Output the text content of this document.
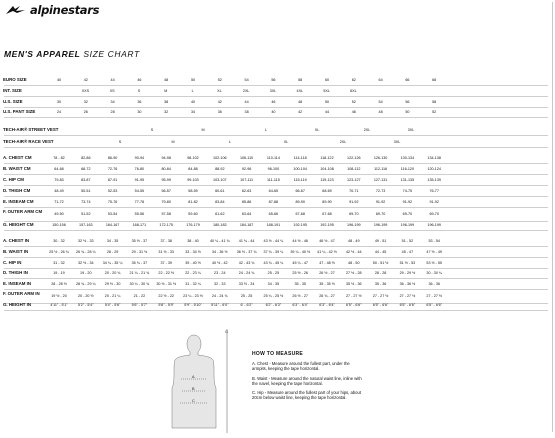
alpinestars
MEN'S APPAREL SIZE CHART
EURO SIZE	40	42	44	46	48	50	52	54	56	58	60	62	64	66	68
INT. SIZE	XXS	XS	S	M	L	XL	2XL	3XL	4XL	5XL	6XL
U.S. SIZE	30	32	34	36	38	40	42	44	46	48	50	52	54	56	58
U.S. PANT SIZE	24	26	28	30	32	34	36	38	40	42	44	46	48	50	52
TECH-AIR® STREET VEST	S	M	L	XL	2XL	3XL
TECH-AIR® RACE VEST	S	M	L	XL	2XL	3XL
A. CHEST CM	78 - 82	82-86	86-90	90-94	94-98	98-102	102-106	106-110	110-114	114-118	118-122	122-126	126-130	130-134	134-138
B. WAIST CM	64-68	68-72	72-76	76-80	80-84	84-88	88-92	92-96	96-100	100-104	104-108	108-112	112-116	116-120	120-124
C. HIP CM	79-83	83-87	87-91	91-95	95-99	99-103	103-107	107-111	111-115	115-119	119-123	123-127	127-131	131-135	135-139
D. THIGH CM	48-49	50-51	52-53	54-55	56-57	58-59	60-61	62-63	64-65	66-67	68-69	70-71	72-73	74-75	76-77
E. INSEAM CM	71-72	73-74	75-76	77-78	79-80	81-82	83-84	85-86	87-88	89-90	89-90	91-92	91-92	91-92	91-92
F. OUTER ARM CM	49-50	51-52	53-54	55-56	57-58	59-60	61-62	63-64	65-66	67-68	67-68	69-70	69-70	69-70	69-70
G. HEIGHT CM	150-156	157-163	164-167	168-171	172-175	176-179	180-183	184-187	188-191	192-195	192-195	196-199	196-199	196-199	196-199
A. CHEST IN	30 - 32	32 ½ - 33	34 - 35	35 ½ - 37	37 - 38	38 - 40	40 ¼ - 41 ¾	41 ¾ - 44	43 ½ - 44 ¼	44 ½ - 46	46 ½ - 47	48 - 49	49 - 51	51 - 52	53 - 54
B. WAIST IN	25 ½ - 26 ¾	26 ¾ - 28 ¼	28 - 29	29 - 31 ½	31 ½ - 33	33 - 34 ½	34 - 36 ½	36 ½ - 37 ¾	37 ¾ - 39 ¼	39 ¼ - 40 ½	41 ¼ - 42 ½	42 ½ - 44	44 - 45	45 - 47	47 ½ - 49
C. HIP IN	31 - 32	32 ½ - 34	34 ¼ - 35 ¼	35 ¾ - 37	37 - 39	39 - 40 ½	40 ½ - 42	42 - 43 ¾	43 ¾ - 45 ¼	45 ¼ - 47	47 - 48 ½	48 - 50	50 - 51 ½	51 ½ - 53	53 ½ - 55
D. THIGH IN	19 - 19	19 - 20	20 - 20 ¾	21 ¼ - 21 ¾	22 - 22 ½	22 - 23 ¼	23 - 24	24 - 24 ¾	25 - 25	25 ½ - 26	26 ½ - 27	27 ½ - 28	28 - 28	29 - 29 ½	30 - 30 ¼
E. INSEAM IN	28 - 28 ½	28 ¾ - 29 ¼	29 ½ - 30	30 ¼ - 30 ¾	30 ½ - 31 ½	31 - 32 ¼	32 - 33	33 ½ - 34	34 - 35	35 - 35	35 - 35 ½	35 ½ - 36	35 - 36	36 - 36 ½	36 - 36
F. OUTER ARM IN	19 ½ - 20	20 - 20 ½	20 - 21 ¼	21 - 22	22 ½ - 22	23 ¼ - 23 ½	24 - 24 ¾	25 - 25	25 ¼ - 25 ½	26 ½ - 27	26 ¾ - 27	27 - 27 ½	27 - 27 ½	27 - 27 ½	27 - 27 ½
G. HEIGHT IN	4'11" - 5'1"	5'2" - 5'4"	5'4" - 5'6"	5'6" - 5'7"	5'8" - 5'9"	5'9" - 5'10"	5'11" - 6'0"	6' - 6'2"	6'2" - 6'3"	6'3" - 6'4"	6'3" - 6'4"	6'5" - 6'6"	6'5" - 6'6"	6'5" - 6'6"	6'5" - 6'6"
G
A
B
C
HOW TO MEASURE

A. Chest - Measure around the fullest part, under the armpits, keeping the tape horizontal.

B. Waist - Measure around the natural waist line, inline with the navel, keeping the tape horizontal.

C. Hip - Measure around the fullest part of your hips, about 20cm below waist line, keeping the tape horizontal.
